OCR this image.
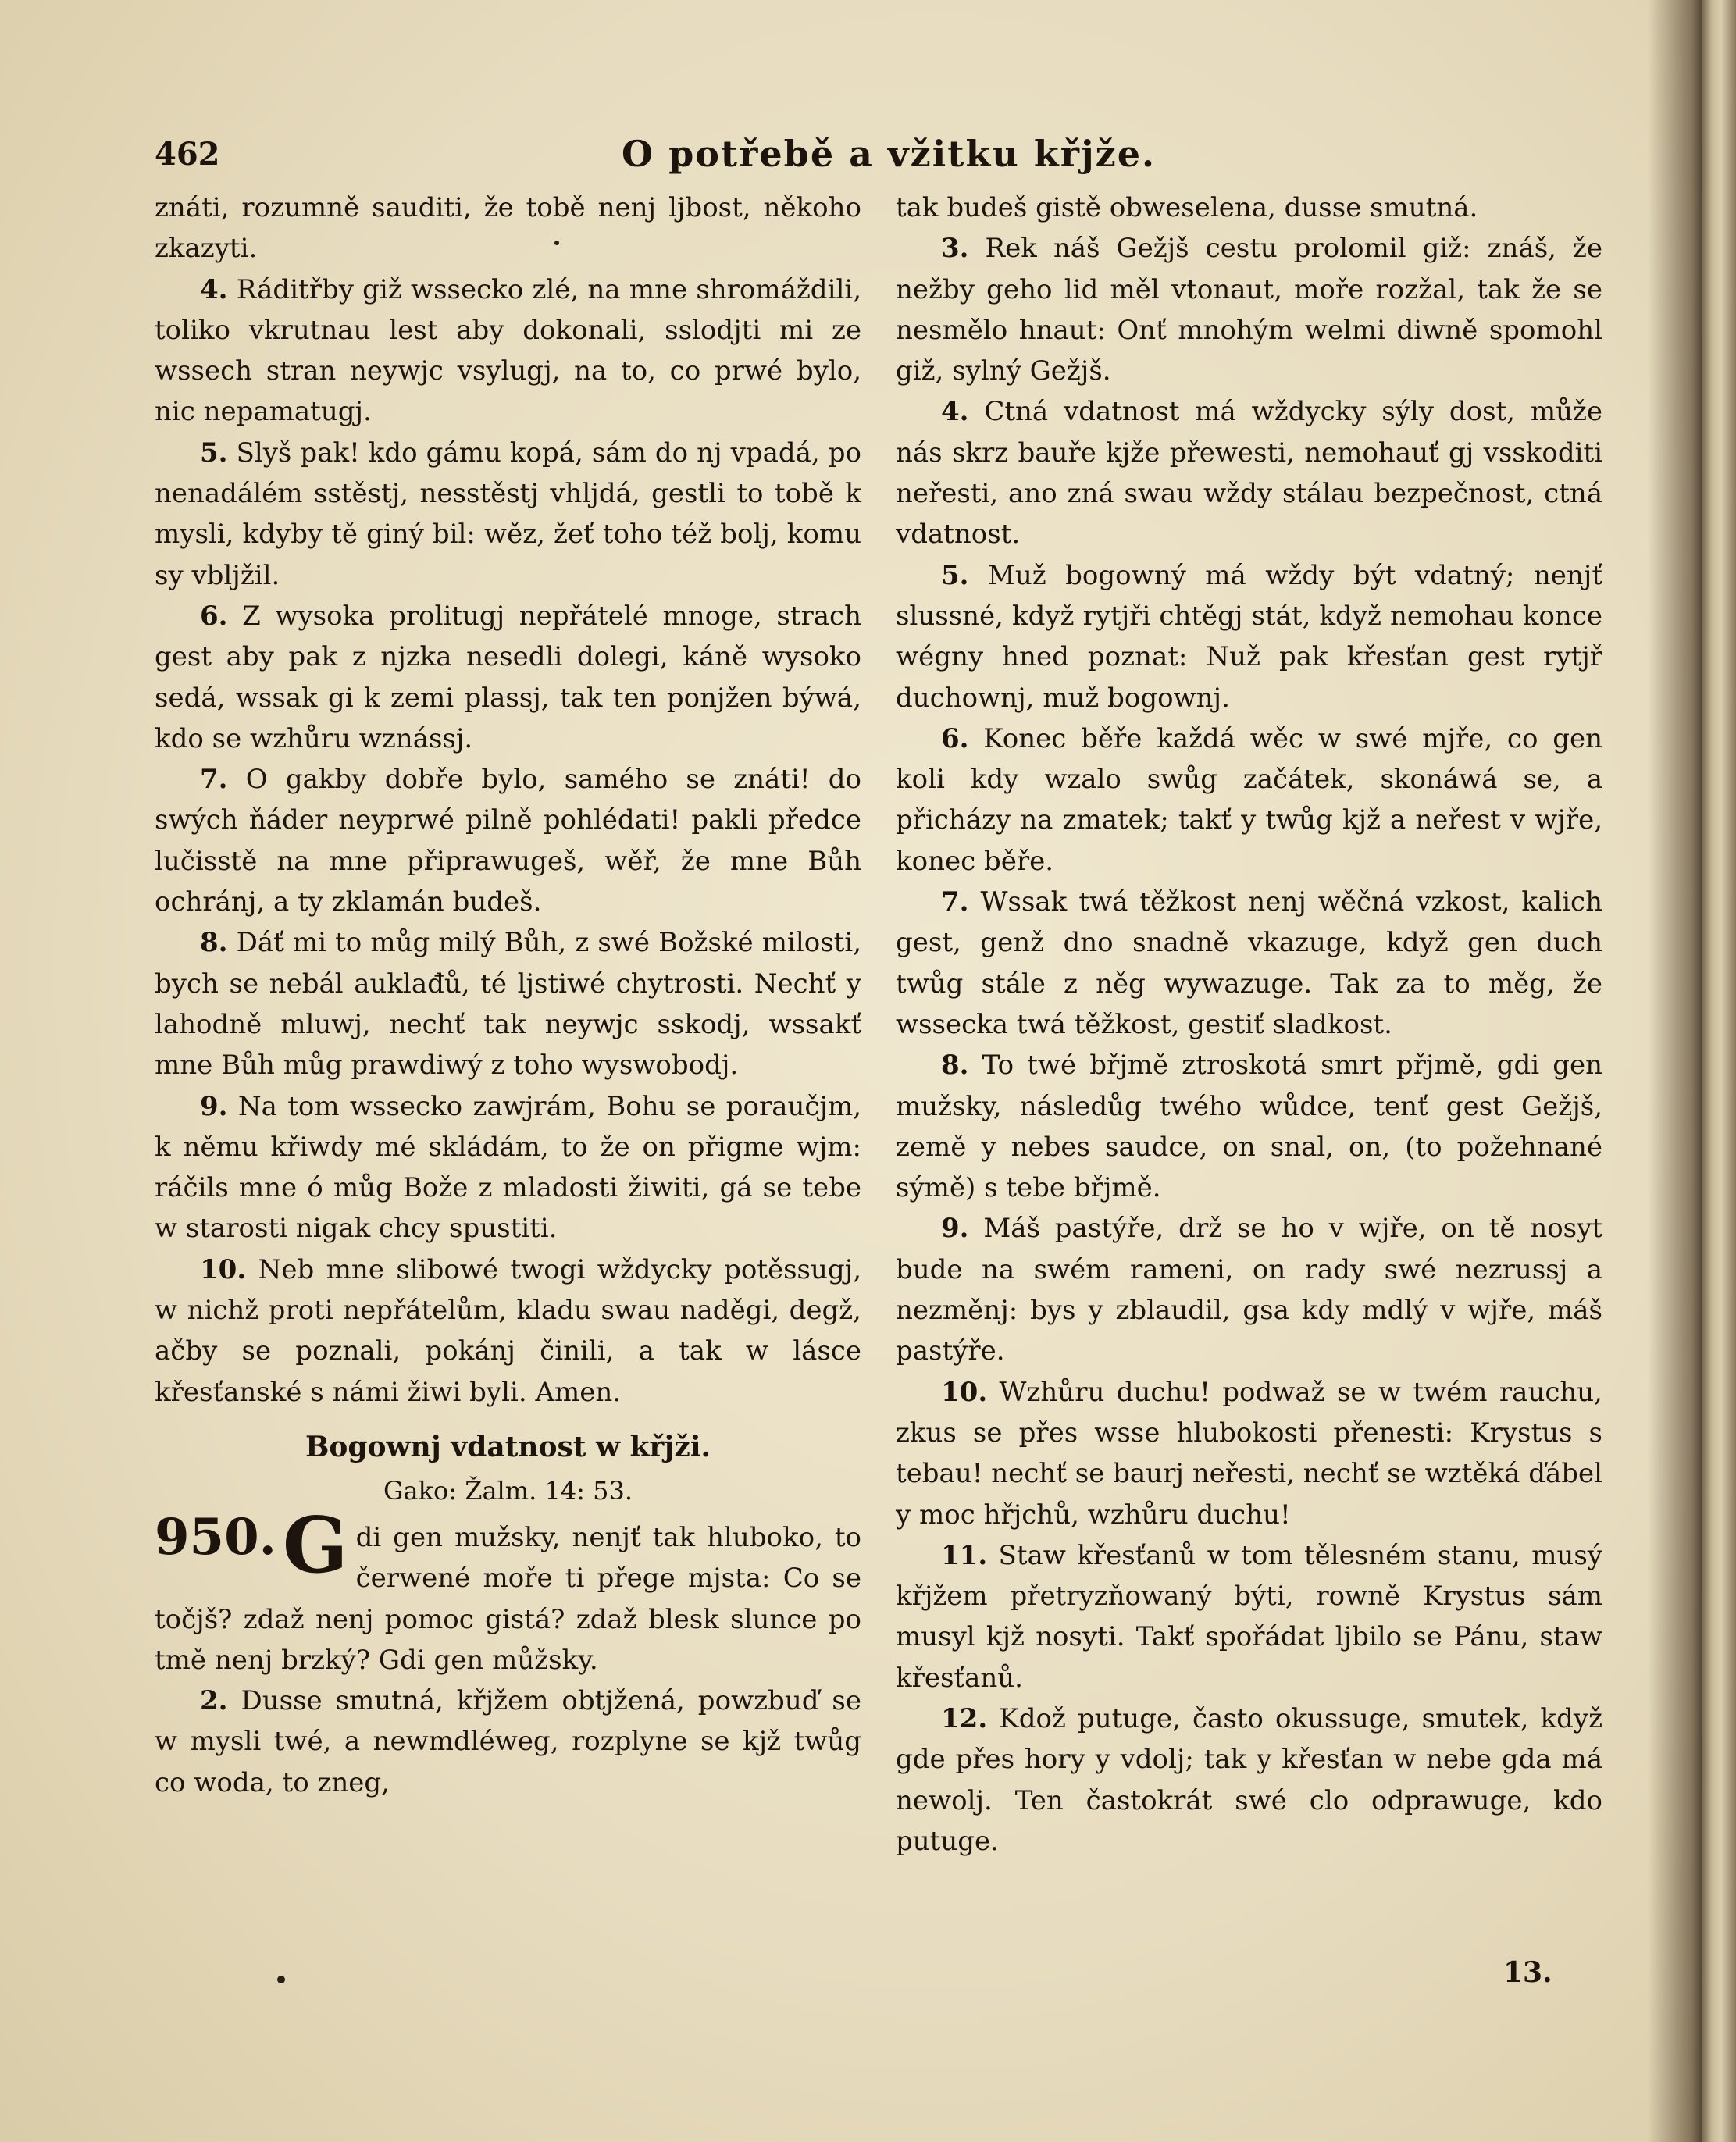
462	O potřebě a vžitku křjže.

znáti, rozumně sauditi, že tobě nenj ljbost, někoho zkazyti.

4. Ráditřby giž wssecko zlé, na mne shromáždili, toliko vkrutnau lest aby dokonali, sslodjti mi ze wssech stran neywjc vsylugj, na to, co prwé bylo, nic nepamatugj.

5. Slyš pak! kdo gámu kopá, sám do nj vpadá, po nenadálém sstěstj, nesstěstj vhljdá, gestli to tobě k mysli, kdyby tě giný bil: wěz, žeť toho též bolj, komu sy vbljžil.

6. Z wysoka prolitugj nepřátelé mnoge, strach gest aby pak z njzka nesedli dolegi, káně wysoko sedá, wssak gi k zemi plassj, tak ten ponjžen býwá, kdo se wzhůru wznássj.

7. O gakby dobře bylo, samého se znáti! do swých ňáder neyprwé pilně pohlédati! pakli předce lučisstě na mne připrawugeš, wěř, že mne Bůh ochránj, a ty zklamán budeš.

8. Dáť mi to můg milý Bůh, z swé Božské milosti, bych se nebál auklađů, té ljstiwé chytrosti. Nechť y lahodně mluwj, nechť tak neywjc sskodj, wssakť mne Bůh můg prawdiwý z toho wyswobodj.

9. Na tom wssecko zawjrám, Bohu se poraučjm, k němu křiwdy mé skládám, to že on přigme wjm: ráčils mne ó můg Bože z mladosti žiwiti, gá se tebe w starosti nigak chcy spustiti.

10. Neb mne slibowé twogi wždycky potěssugj, w nichž proti nepřátelům, kladu swau naděgi, degž, ačby se poznali, pokánj činili, a tak w lásce křesťanské s námi žiwi byli. Amen.

Bogownj vdatnost w křjži.
Gako: Žalm. 14: 53.

950. G di gen mužsky, nenjť tak hluboko, to čerwené moře ti přege mjsta: Co se točjš? zdaž nenj pomoc gistá? zdaž blesk slunce po tmě nenj brzký? Gdi gen můžsky.

2. Dusse smutná, křjžem obtjžená, powzbuď se w mysli twé, a newmdléweg, rozplyne se kjž twůg co woda, to zneg,

tak budeš gistě obweselena, dusse smutná.

3. Rek náš Gežjš cestu prolomil giž: znáš, že nežby geho lid měl vtonaut, moře rozžal, tak že se nesmělo hnaut: Onť mnohým welmi diwně spomohl giž, sylný Gežjš.

4. Ctná vdatnost má wždycky sýly dost, může nás skrz bauře kjže přewesti, nemohauť gj vsskoditi neřesti, ano zná swau wždy stálau bezpečnost, ctná vdatnost.

5. Muž bogowný má wždy být vdatný; nenjť slussné, když rytjři chtěgj stát, když nemohau konce wégny hned poznat: Nuž pak křesťan gest rytjř duchownj, muž bogownj.

6. Konec běře každá wěc w swé mjře, co gen koli kdy wzalo swůg začátek, skonáwá se, a přicházy na zmatek; takť y twůg kjž a neřest v wjře, konec běře.

7. Wssak twá těžkost nenj wěčná vzkost, kalich gest, genž dno snadně vkazuge, když gen duch twůg stále z něg wywazuge. Tak za to měg, že wssecka twá těžkost, gestiť sladkost.

8. To twé břjmě ztroskotá smrt přjmě, gdi gen mužsky, následůg twého wůdce, tenť gest Gežjš, země y nebes saudce, on snal, on, (to požehnané sýmě) s tebe břjmě.

9. Máš pastýře, drž se ho v wjře, on tě nosyt bude na swém rameni, on rady swé nezrussj a nezměnj: bys y zblaudil, gsa kdy mdlý v wjře, máš pastýře.

10. Wzhůru duchu! podwaž se w twém rauchu, zkus se přes wsse hlubokosti přenesti: Krystus s tebau! nechť se baurj neřesti, nechť se wztěká ďábel y moc hřjchů, wzhůru duchu!

11. Staw křesťanů w tom tělesném stanu, musý křjžem přetryzňowaný býti, rowně Krystus sám musyl kjž nosyti. Takť spořádat ljbilo se Pánu, staw křesťanů.

12. Kdož putuge, často okussuge, smutek, když gde přes hory y vdolj; tak y křesťan w nebe gda má newolj. Ten častokrát swé clo odprawuge, kdo putuge.

13.
